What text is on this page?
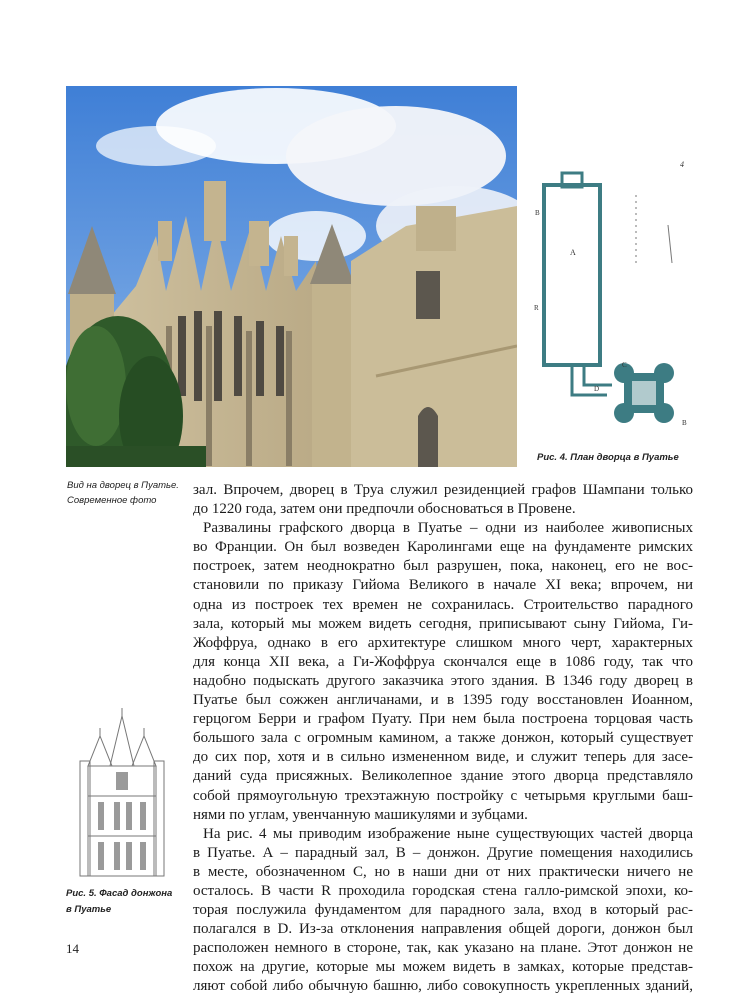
A
B
R
C
B
D
4
Рис. 4. План дворца в Пуатье
Вид на дворец в Пуатье. Современное фото
Рис. 5. Фасад донжона
в Пуатье
зал. Впрочем, дворец в Труа служил резиденцией графов Шампани только
до 1220 года, затем они предпочли обосноваться в Провене.
Развалины графского дворца в Пуатье – одни из наиболее живописных
во Франции. Он был возведен Каролингами еще на фундаменте римских
построек, затем неоднократно был разрушен, пока, наконец, его не вос-
становили по приказу Гийома Великого в начале XI века; впрочем, ни
одна из построек тех времен не сохранилась. Строительство парадного
зала, который мы можем видеть сегодня, приписывают сыну Гийома, Ги-
Жоффруа, однако в его архитектуре слишком много черт, характерных
для конца XII века, а Ги-Жоффруа скончался еще в 1086 году, так что
надобно подыскать другого заказчика этого здания. В 1346 году дворец в
Пуатье был сожжен англичанами, и в 1395 году восстановлен Иоанном,
герцогом Берри и графом Пуату. При нем была построена торцовая часть
большого зала с огромным камином, а также донжон, который существует
до сих пор, хотя и в сильно измененном виде, и служит теперь для засе-
даний суда присяжных. Великолепное здание этого дворца представляло
собой прямоугольную трехэтажную постройку с четырьмя круглыми баш-
нями по углам, увенчанную машикулями и зубцами.
На рис. 4 мы приводим изображение ныне существующих частей дворца
в Пуатье. А – парадный зал, В – донжон. Другие помещения находились
в месте, обозначенном С, но в наши дни от них практически ничего не
осталось. В части R проходила городская стена галло-римской эпохи, ко-
торая послужила фундаментом для парадного зала, вход в который рас-
полагался в D. Из-за отклонения направления общей дороги, донжон был
расположен немного в стороне, так, как указано на плане. Этот донжон не
похож на другие, которые мы можем видеть в замках, которые представ-
ляют собой либо обычную башню, либо совокупность укрепленных зданий,
14
